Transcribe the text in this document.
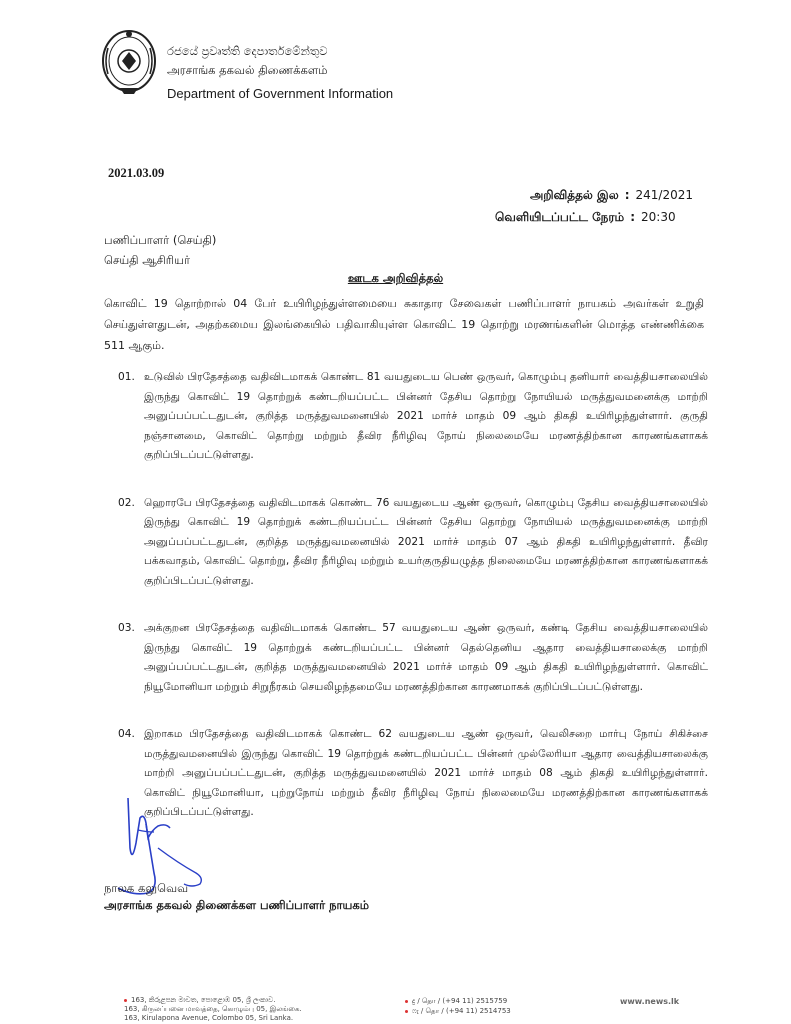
රජයේ ප්‍රවෘත්ති දෙපාර්තමේන්තුව
அரசாங்க தகவல் திணைக்களம்
Department of Government Information
2021.03.09
அறிவித்தல் இல : 241/2021
வெளியிடப்பட்ட நேரம் : 20:30
பணிப்பாளர் (செய்தி)
செய்தி ஆசிரியர்
ஊடக அறிவித்தல்
கொவிட் 19 தொற்றால் 04 பேர் உயிரிழந்துள்ளமையை சுகாதார சேவைகள் பணிப்பாளர் நாயகம் அவர்கள் உறுதி செய்துள்ளதுடன், அதற்கமைய இலங்கையில் பதிவாகியுள்ள கொவிட் 19 தொற்று மரணங்களின் மொத்த எண்ணிக்கை 511 ஆகும்.
01. உடுவில் பிரதேசத்தை வதிவிடமாகக் கொண்ட 81 வயதுடைய பெண் ஒருவர், கொழும்பு தனியார் வைத்தியசாலையில் இருந்து கொவிட் 19 தொற்றுக் கண்டறியப்பட்ட பின்னர் தேசிய தொற்று நோயியல் மருத்துவமனைக்கு மாற்றி அனுப்பப்பட்டதுடன், குறித்த மருத்துவமனையில் 2021 மார்ச் மாதம் 09 ஆம் திகதி உயிரிழந்துள்ளார். குருதி நஞ்சானமை, கொவிட் தொற்று மற்றும் தீவிர நீரிழிவு நோய் நிலைமையே மரணத்திற்கான காரணங்களாகக் குறிப்பிடப்பட்டுள்ளது.
02. ஹொரபே பிரதேசத்தை வதிவிடமாகக் கொண்ட 76 வயதுடைய ஆண் ஒருவர், கொழும்பு தேசிய வைத்தியசாலையில் இருந்து கொவிட் 19 தொற்றுக் கண்டறியப்பட்ட பின்னர் தேசிய தொற்று நோயியல் மருத்துவமனைக்கு மாற்றி அனுப்பப்பட்டதுடன், குறித்த மருத்துவமனையில் 2021 மார்ச் மாதம் 07 ஆம் திகதி உயிரிழந்துள்ளார். தீவிர பக்கவாதம், கொவிட் தொற்று, தீவிர நீரிழிவு மற்றும் உயர்குருதியழுத்த நிலைமையே மரணத்திற்கான காரணங்களாகக் குறிப்பிடப்பட்டுள்ளது.
03. அக்குறன பிரதேசத்தை வதிவிடமாகக் கொண்ட 57 வயதுடைய ஆண் ஒருவர், கண்டி தேசிய வைத்தியசாலையில் இருந்து கொவிட் 19 தொற்றுக் கண்டறியப்பட்ட பின்னர் தெல்தெனிய ஆதார வைத்தியசாலைக்கு மாற்றி அனுப்பப்பட்டதுடன், குறித்த மருத்துவமனையில் 2021 மார்ச் மாதம் 09 ஆம் திகதி உயிரிழந்துள்ளார். கொவிட் நியூமோனியா மற்றும் சிறுநீரகம் செயலிழந்தமையே மரணத்திற்கான காரணமாகக் குறிப்பிடப்பட்டுள்ளது.
04. இறாகம பிரதேசத்தை வதிவிடமாகக் கொண்ட 62 வயதுடைய ஆண் ஒருவர், வெலிசறை மார்பு நோய் சிகிச்சை மருத்துவமனையில் இருந்து கொவிட் 19 தொற்றுக் கண்டறியப்பட்ட பின்னர் முல்லேரியா ஆதார வைத்தியசாலைக்கு மாற்றி அனுப்பப்பட்டதுடன், குறித்த மருத்துவமனையில் 2021 மார்ச் மாதம் 08 ஆம் திகதி உயிரிழந்துள்ளார். கொவிட் நியூமோனியா, புற்றுநோய் மற்றும் தீவிர நீரிழிவு நோய் நிலைமையே மரணத்திற்கான காரணங்களாகக் குறிப்பிடப்பட்டுள்ளது.
நாலக கலுவெவ
அரசாங்க தகவல் திணைக்கள பணிப்பாளர் நாயகம்
163, කිරුළපන මාවත, පොළොඹ 05, ශ්‍රී ලංකාව.
163, கிருலப்பனை மாவத்தை, கொழும்பு 05, இலங்கை.
163, Kirulapona Avenue, Colombo 05, Sri Lanka.
දු / தொ / (+94 11) 2515759
ෆැ / தொ / (+94 11) 2514753
www.news.lk
